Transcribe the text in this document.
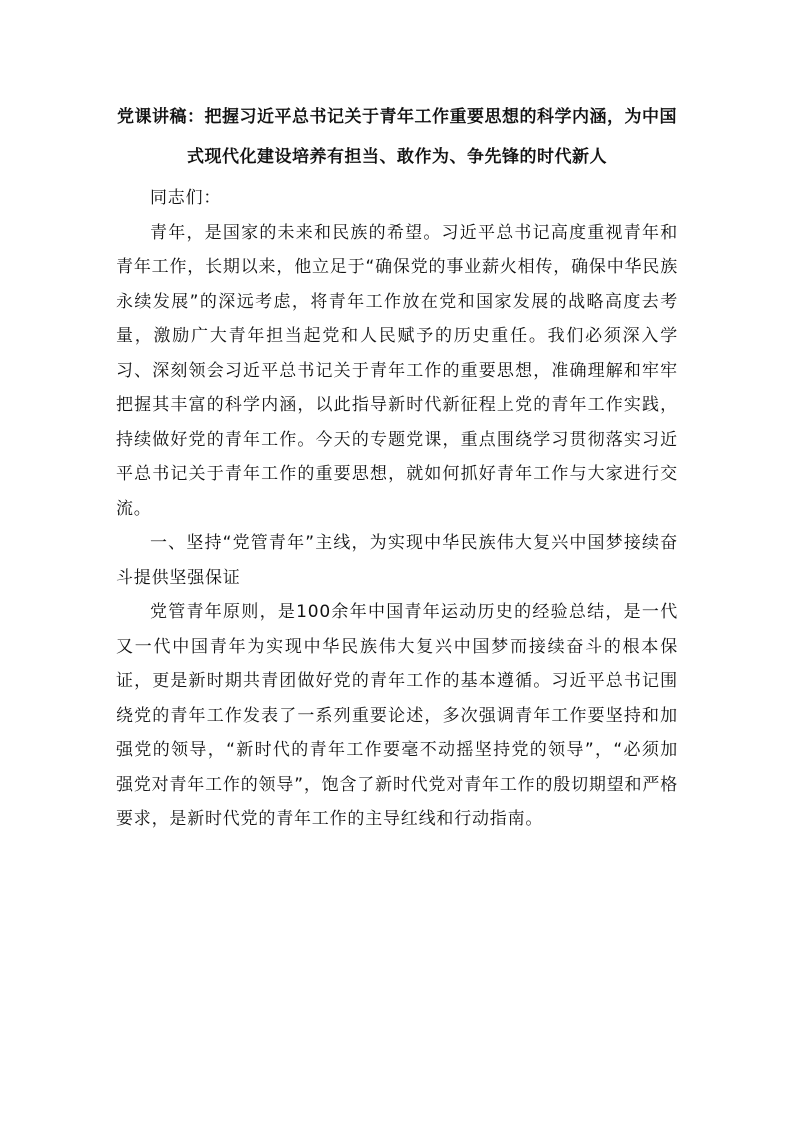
党课讲稿：把握习近平总书记关于青年工作重要思想的科学内涵，为中国式现代化建设培养有担当、敢作为、争先锋的时代新人

同志们：

青年，是国家的未来和民族的希望。习近平总书记高度重视青年和青年工作，长期以来，他立足于“确保党的事业薪火相传，确保中华民族永续发展”的深远考虑，将青年工作放在党和国家发展的战略高度去考量，激励广大青年担当起党和人民赋予的历史重任。我们必须深入学习、深刻领会习近平总书记关于青年工作的重要思想，准确理解和牢牢把握其丰富的科学内涵，以此指导新时代新征程上党的青年工作实践，持续做好党的青年工作。今天的专题党课，重点围绕学习贯彻落实习近平总书记关于青年工作的重要思想，就如何抓好青年工作与大家进行交流。

一、坚持“党管青年”主线，为实现中华民族伟大复兴中国梦接续奋斗提供坚强保证

党管青年原则，是100余年中国青年运动历史的经验总结，是一代又一代中国青年为实现中华民族伟大复兴中国梦而接续奋斗的根本保证，更是新时期共青团做好党的青年工作的基本遵循。习近平总书记围绕党的青年工作发表了一系列重要论述，多次强调青年工作要坚持和加强党的领导，“新时代的青年工作要毫不动摇坚持党的领导”，“必须加强党对青年工作的领导”，饱含了新时代党对青年工作的殷切期望和严格要求，是新时代党的青年工作的主导红线和行动指南。
